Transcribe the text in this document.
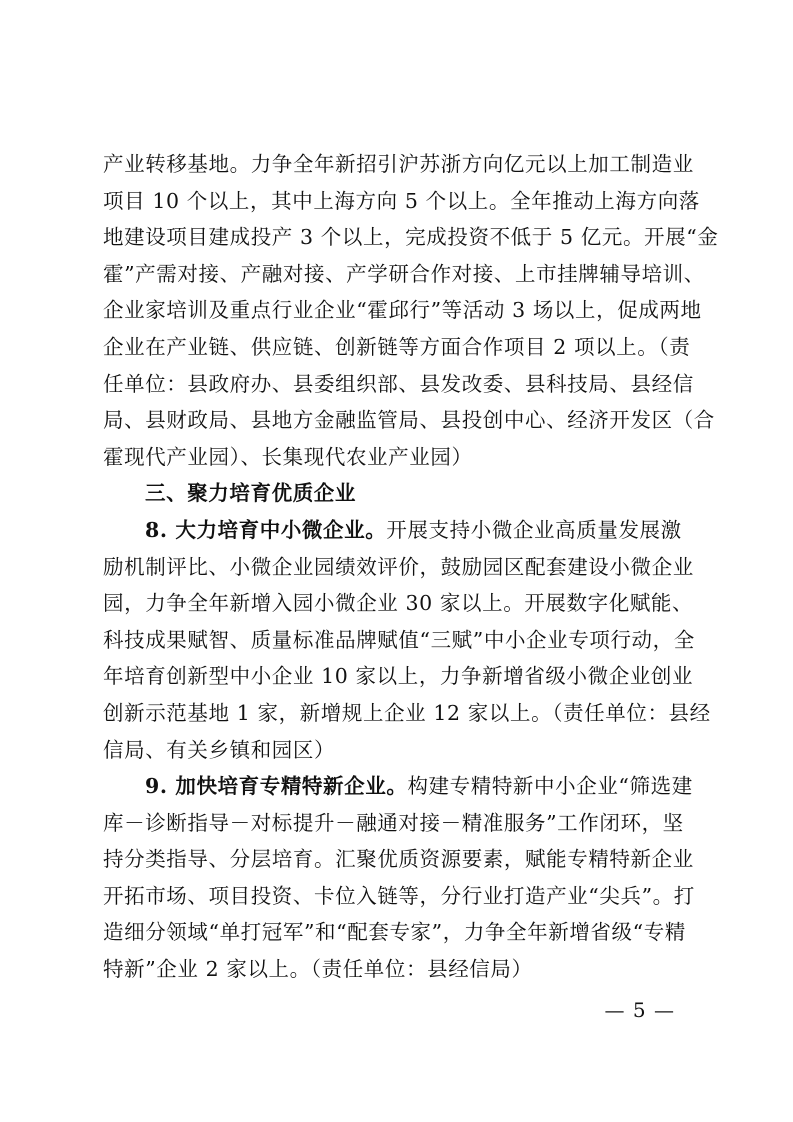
产业转移基地。力争全年新招引沪苏浙方向亿元以上加工制造业
项目 10 个以上，其中上海方向 5 个以上。全年推动上海方向落
地建设项目建成投产 3 个以上，完成投资不低于 5 亿元。开展“金
霍”产需对接、产融对接、产学研合作对接、上市挂牌辅导培训、
企业家培训及重点行业企业“霍邱行”等活动 3 场以上，促成两地
企业在产业链、供应链、创新链等方面合作项目 2 项以上。（责
任单位：县政府办、县委组织部、县发改委、县科技局、县经信
局、县财政局、县地方金融监管局、县投创中心、经济开发区（合
霍现代产业园）、长集现代农业产业园）
三、聚力培育优质企业
8. 大力培育中小微企业。开展支持小微企业高质量发展激
励机制评比、小微企业园绩效评价，鼓励园区配套建设小微企业
园，力争全年新增入园小微企业 30 家以上。开展数字化赋能、
科技成果赋智、质量标准品牌赋值“三赋”中小企业专项行动，全
年培育创新型中小企业 10 家以上，力争新增省级小微企业创业
创新示范基地 1 家，新增规上企业 12 家以上。（责任单位：县经
信局、有关乡镇和园区）
9. 加快培育专精特新企业。构建专精特新中小企业“筛选建
库－诊断指导－对标提升－融通对接－精准服务”工作闭环，坚
持分类指导、分层培育。汇聚优质资源要素，赋能专精特新企业
开拓市场、项目投资、卡位入链等，分行业打造产业“尖兵”。打
造细分领域“单打冠军”和“配套专家”，力争全年新增省级“专精
特新”企业 2 家以上。（责任单位：县经信局）
— 5 —
